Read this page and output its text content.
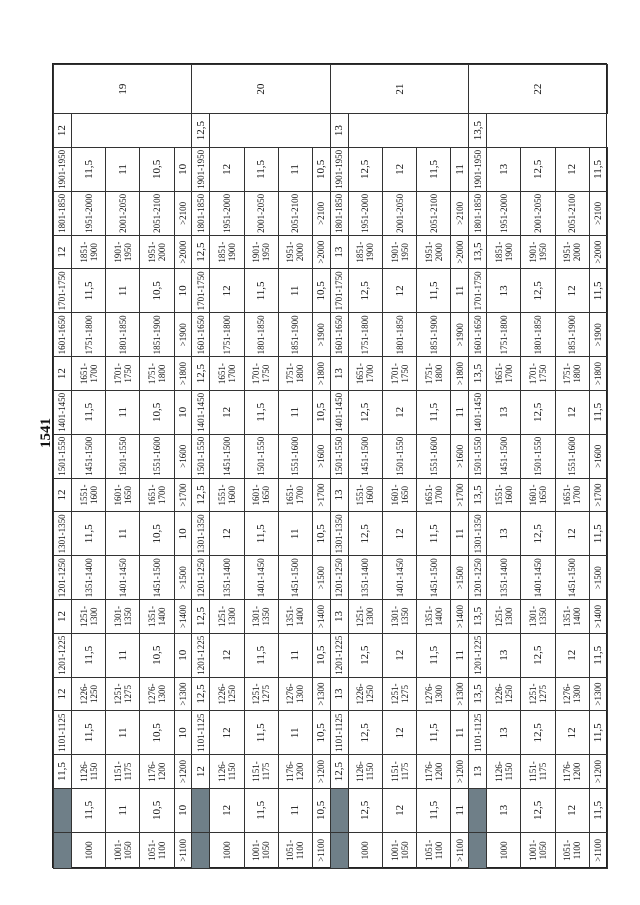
1541

	11,5	1101-1125	12	1201-1225	12	1201-1250	1301-1350	12	1501-1550	1401-1450	12	1601-1650	1701-1750	12	1801-1850	1901-1950	12	19
1000	11,5	1126-1150	11,5	1226-1250	11,5	1251-1300	1351-1400	11,5	1551-1600	1451-1500	11,5	1651-1700	1751-1800	11,5	1851-1900	1951-2000	11,5		
1001-1050	11	1151-1175	11	1251-1275	11	1301-1350	1401-1450	11	1601-1650	1501-1550	11	1701-1750	1801-1850	11	1901-1950	2001-2050	11		
1051-1100	10,5	1176-1200	10,5	1276-1300	10,5	1351-1400	1451-1500	10,5	1651-1700	1551-1600	10,5	1751-1800	1851-1900	10,5	1951-2000	2051-2100	10,5		
>1100	10	>1200	10	>1300	10	>1400	>1500	10	>1700	>1600	10	>1800	>1900	10	>2000	>2100	10		

	12	1101-1125	12,5	1201-1225	12,5	1201-1250	1301-1350	12,5	1501-1550	1401-1450	12,5	1601-1650	1701-1750	12,5	1801-1850	1901-1950	12,5	20
1000	12	1126-1150	12	1226-1250	12	1251-1300	1351-1400	12	1551-1600	1451-1500	12	1651-1700	1751-1800	12	1851-1900	1951-2000	12		
1001-1050	11,5	1151-1175	11,5	1251-1275	11,5	1301-1350	1401-1450	11,5	1601-1650	1501-1550	11,5	1701-1750	1801-1850	11,5	1901-1950	2001-2050	11,5		
1051-1100	11	1176-1200	11	1276-1300	11	1351-1400	1451-1500	11	1651-1700	1551-1600	11	1751-1800	1851-1900	11	1951-2000	2051-2100	11		
>1100	10,5	>1200	10,5	>1300	10,5	>1400	>1500	10,5	>1700	>1600	10,5	>1800	>1900	10,5	>2000	>2100	10,5		

	12,5	1101-1125	13	1201-1225	13	1201-1250	1301-1350	13	1501-1550	1401-1450	13	1601-1650	1701-1750	13	1801-1850	1901-1950	13	21
1000	12,5	1126-1150	12,5	1226-1250	12,5	1251-1300	1351-1400	12,5	1551-1600	1451-1500	12,5	1651-1700	1751-1800	12,5	1851-1900	1951-2000	12,5		
1001-1050	12	1151-1175	12	1251-1275	12	1301-1350	1401-1450	12	1601-1650	1501-1550	12	1701-1750	1801-1850	12	1901-1950	2001-2050	12		
1051-1100	11,5	1176-1200	11,5	1276-1300	11,5	1351-1400	1451-1500	11,5	1651-1700	1551-1600	11,5	1751-1800	1851-1900	11,5	1951-2000	2051-2100	11,5		
>1100	11	>1200	11	>1300	11	>1400	>1500	11	>1700	>1600	11	>1800	>1900	11	>2000	>2100	11		

	13	1101-1125	13,5	1201-1225	13,5	1201-1250	1301-1350	13,5	1501-1550	1401-1450	13,5	1601-1650	1701-1750	13,5	1801-1850	1901-1950	13,5	22
1000	13	1126-1150	13	1226-1250	13	1251-1300	1351-1400	13	1551-1600	1451-1500	13	1651-1700	1751-1800	13	1851-1900	1951-2000	13		
1001-1050	12,5	1151-1175	12,5	1251-1275	12,5	1301-1350	1401-1450	12,5	1601-1650	1501-1550	12,5	1701-1750	1801-1850	12,5	1901-1950	2001-2050	12,5		
1051-1100	12	1176-1200	12	1276-1300	12	1351-1400	1451-1500	12	1651-1700	1551-1600	12	1751-1800	1851-1900	12	1951-2000	2051-2100	12		
>1100	11,5	>1200	11,5	>1300	11,5	>1400	>1500	11,5	>1700	>1600	11,5	>1800	>1900	11,5	>2000	>2100	11,5		
